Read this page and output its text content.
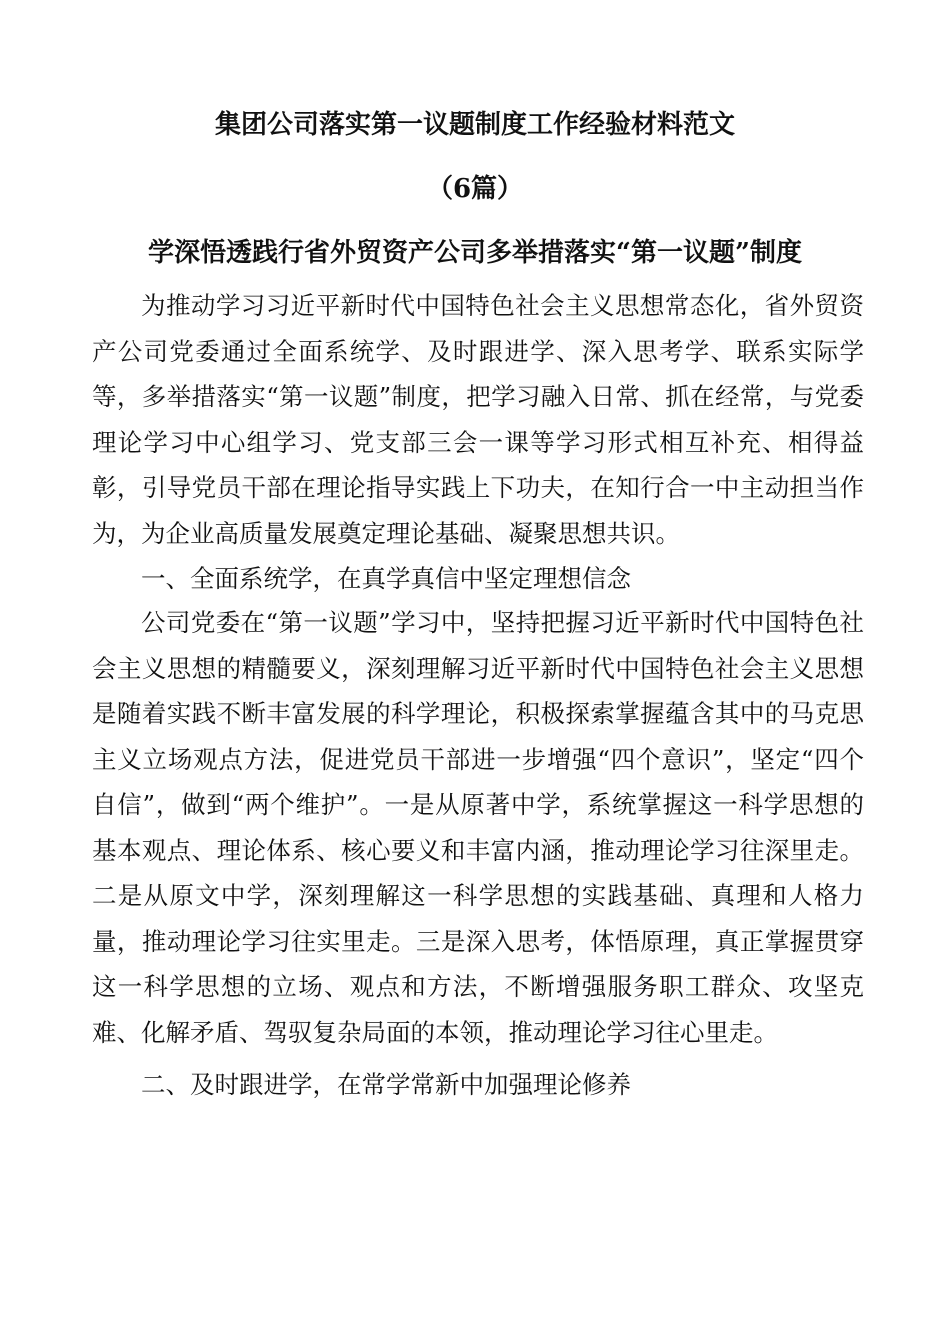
集团公司落实第一议题制度工作经验材料范文
（6篇）
学深悟透践行省外贸资产公司多举措落实“第一议题”制度

为推动学习习近平新时代中国特色社会主义思想常态化，省外贸资产公司党委通过全面系统学、及时跟进学、深入思考学、联系实际学等，多举措落实“第一议题”制度，把学习融入日常、抓在经常，与党委理论学习中心组学习、党支部三会一课等学习形式相互补充、相得益彰，引导党员干部在理论指导实践上下功夫，在知行合一中主动担当作为，为企业高质量发展奠定理论基础、凝聚思想共识。

一、全面系统学，在真学真信中坚定理想信念

公司党委在“第一议题”学习中，坚持把握习近平新时代中国特色社会主义思想的精髓要义，深刻理解习近平新时代中国特色社会主义思想是随着实践不断丰富发展的科学理论，积极探索掌握蕴含其中的马克思主义立场观点方法，促进党员干部进一步增强“四个意识”，坚定“四个自信”，做到“两个维护”。一是从原著中学，系统掌握这一科学思想的基本观点、理论体系、核心要义和丰富内涵，推动理论学习往深里走。二是从原文中学，深刻理解这一科学思想的实践基础、真理和人格力量，推动理论学习往实里走。三是深入思考，体悟原理，真正掌握贯穿这一科学思想的立场、观点和方法，不断增强服务职工群众、攻坚克难、化解矛盾、驾驭复杂局面的本领，推动理论学习往心里走。

二、及时跟进学，在常学常新中加强理论修养
